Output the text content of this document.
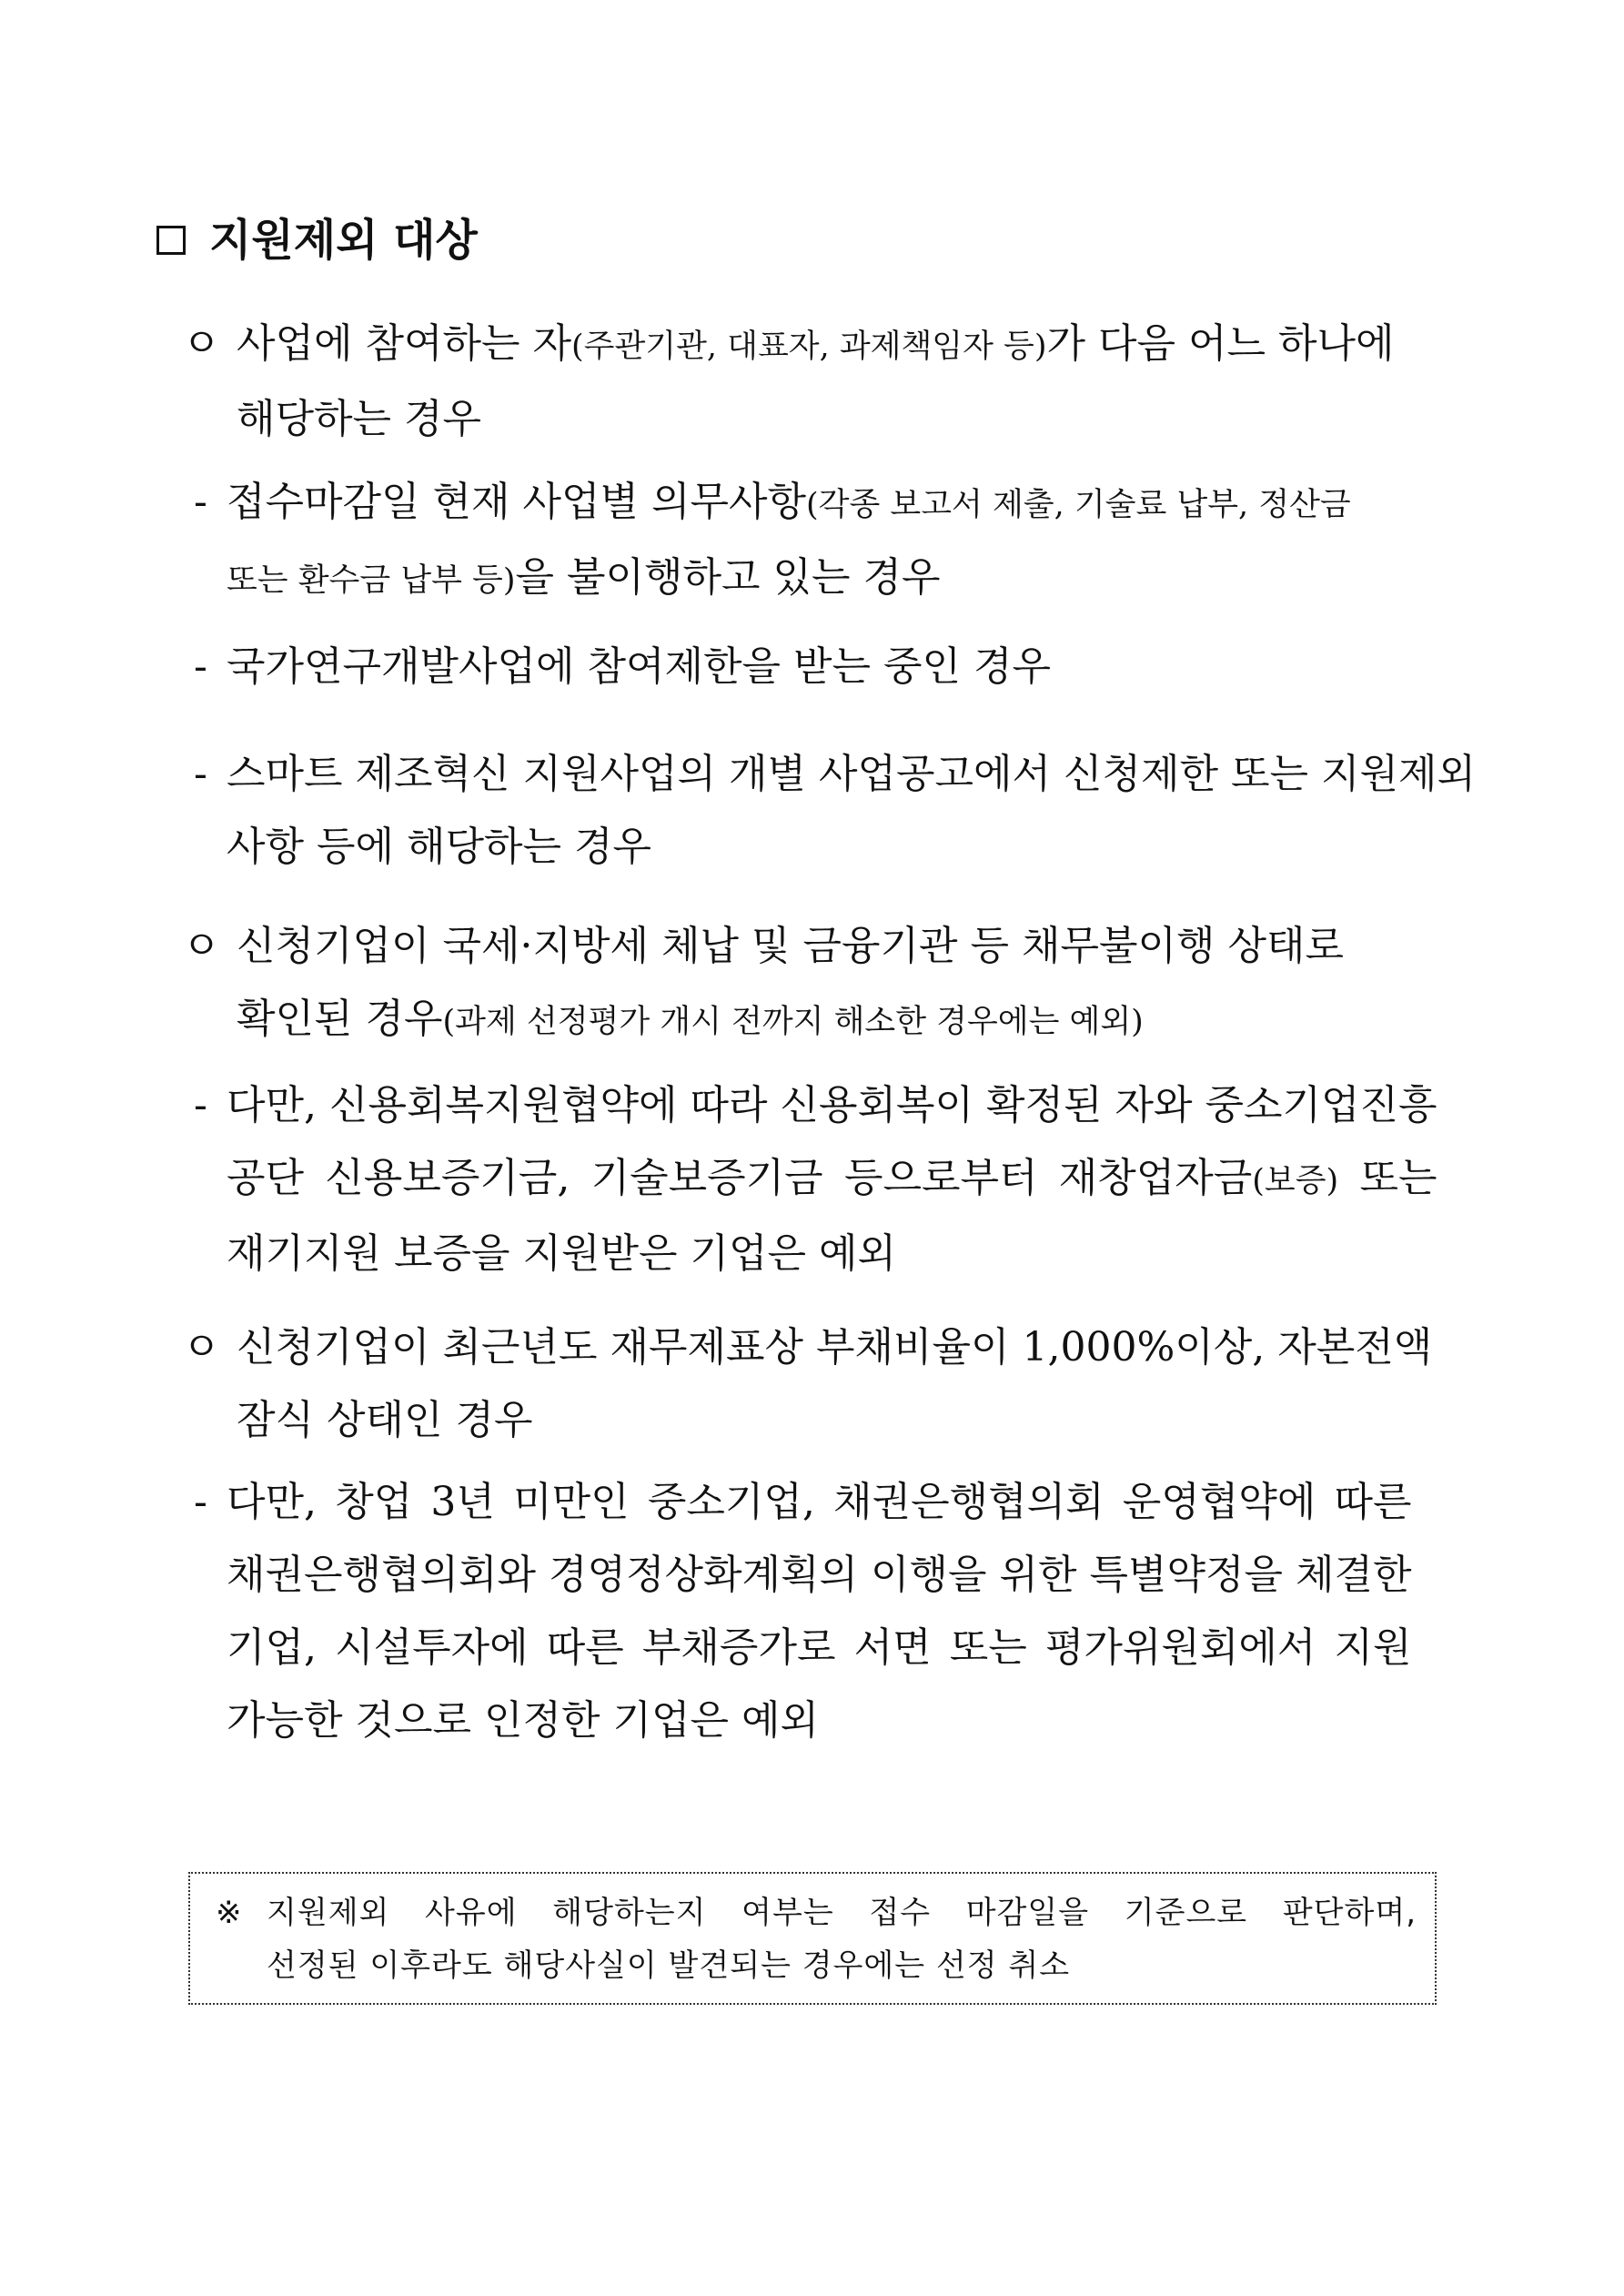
지원제외 대상
ㅇ 사업에 참여하는 자(주관기관, 대표자, 과제책임자 등)가 다음 어느 하나에
해당하는 경우
- 접수마감일 현재 사업별 의무사항(각종 보고서 제출, 기술료 납부, 정산금
또는 환수금 납부 등)을 불이행하고 있는 경우
- 국가연구개발사업에 참여제한을 받는 중인 경우
- 스마트 제조혁신 지원사업의 개별 사업공고에서 신청제한 또는 지원제외
사항 등에 해당하는 경우
ㅇ 신청기업이 국세·지방세 체납 및 금융기관 등 채무불이행 상태로
확인된 경우(과제 선정평가 개시 전까지 해소한 경우에는 예외)
- 다만, 신용회복지원협약에 따라 신용회복이 확정된 자와 중소기업진흥
공단 신용보증기금, 기술보증기금 등으로부터 재창업자금(보증) 또는
재기지원 보증을 지원받은 기업은 예외
ㅇ 신청기업이 최근년도 재무제표상 부채비율이 1,000%이상, 자본전액
잠식 상태인 경우
- 다만, 창업 3년 미만인 중소기업, 채권은행협의회 운영협약에 따른
채권은행협의회와 경영정상화계획의 이행을 위한 특별약정을 체결한
기업, 시설투자에 따른 부채증가로 서면 또는 평가위원회에서 지원
가능한 것으로 인정한 기업은 예외
※ 지원제외 사유에 해당하는지 여부는 접수 마감일을 기준으로 판단하며,
선정된 이후라도 해당사실이 발견되는 경우에는 선정 취소
